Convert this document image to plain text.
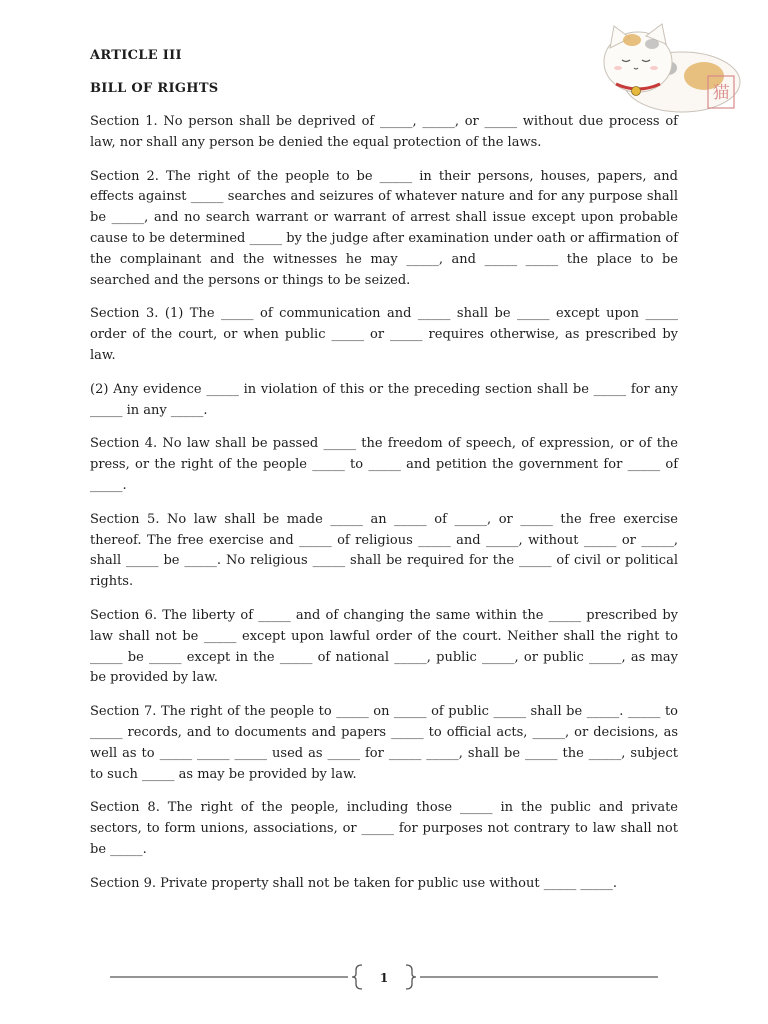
猫

ARTICLE III

BILL OF RIGHTS

Section 1. No person shall be deprived of _____, _____, or _____ without due process of law, nor shall any person be denied the equal protection of the laws.

Section 2. The right of the people to be _____ in their persons, houses, papers, and effects against _____ searches and seizures of whatever nature and for any purpose shall be _____, and no search warrant or warrant of arrest shall issue except upon probable cause to be determined _____ by the judge after examination under oath or affirmation of the complainant and the witnesses he may _____, and _____ _____ the place to be searched and the persons or things to be seized.

Section 3. (1) The _____ of communication and _____ shall be _____ except upon _____ order of the court, or when public _____ or _____ requires otherwise, as prescribed by law.

(2) Any evidence _____ in violation of this or the preceding section shall be _____ for any _____ in any _____.

Section 4. No law shall be passed _____ the freedom of speech, of expression, or of the press, or the right of the people _____ to _____ and petition the government for _____ of _____.

Section 5. No law shall be made _____ an _____ of _____, or _____ the free exercise thereof. The free exercise and _____ of religious _____ and _____, without _____ or _____, shall _____ be _____. No religious _____ shall be required for the _____ of civil or political rights.

Section 6. The liberty of _____ and of changing the same within the _____ prescribed by law shall not be _____ except upon lawful order of the court. Neither shall the right to _____ be _____ except in the _____ of national _____, public _____, or public _____, as may be provided by law.

Section 7. The right of the people to _____ on _____ of public _____ shall be _____. _____ to _____ records, and to documents and papers _____ to official acts, _____, or decisions, as well as to _____ _____ _____ used as _____ for _____ _____, shall be _____ the _____, subject to such _____ as may be provided by law.

Section 8. The right of the people, including those _____ in the public and private sectors, to form unions, associations, or _____ for purposes not contrary to law shall not be _____.

Section 9. Private property shall not be taken for public use without _____ _____.

1
